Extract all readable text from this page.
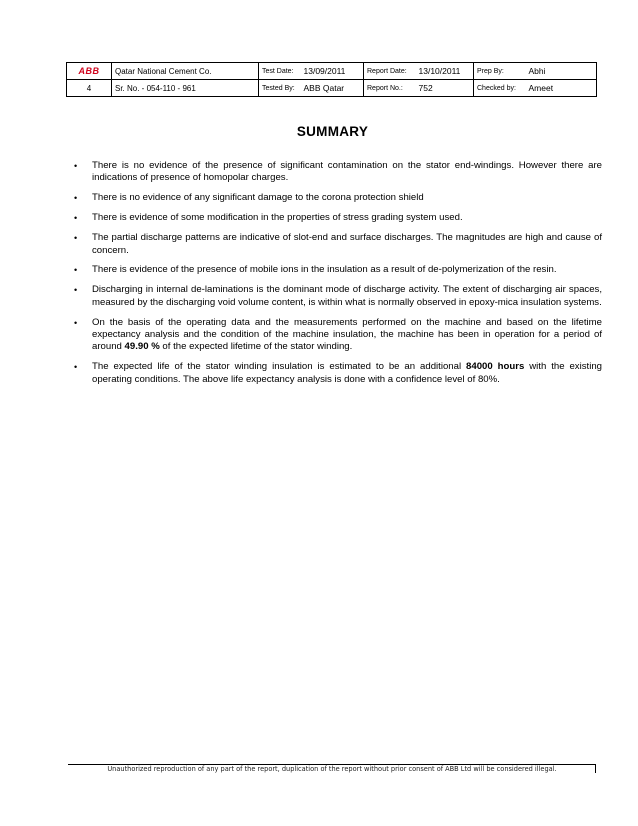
ABB	Qatar National Cement Co.	Test Date:	13/09/2011	Report Date:	13/10/2011	Prep By:	Abhi
4	Sr. No. - 054-110 - 961	Tested By:	ABB Qatar	Report No.:	752	Checked by:	Ameet
SUMMARY
• There is no evidence of the presence of significant contamination on the stator end-windings. However there are indications of presence of homopolar charges.
• There is no evidence of any significant damage to the corona protection shield
• There is evidence of some modification in the properties of stress grading system used.
• The partial discharge patterns are indicative of slot-end and surface discharges. The magnitudes are high and cause of concern.
• There is evidence of the presence of mobile ions in the insulation as a result of de-polymerization of the resin.
• Discharging in internal de-laminations is the dominant mode of discharge activity. The extent of discharging air spaces, measured by the discharging void volume content, is within what is normally observed in epoxy-mica insulation systems.
• On the basis of the operating data and the measurements performed on the machine and based on the lifetime expectancy analysis and the condition of the machine insulation, the machine has been in operation for a period of around 49.90 % of the expected lifetime of the stator winding.
• The expected life of the stator winding insulation is estimated to be an additional 84000 hours with the existing operating conditions. The above life expectancy analysis is done with a confidence level of 80%.
Unauthorized reproduction of any part of the report, duplication of the report without prior consent of ABB Ltd will be considered illegal.
